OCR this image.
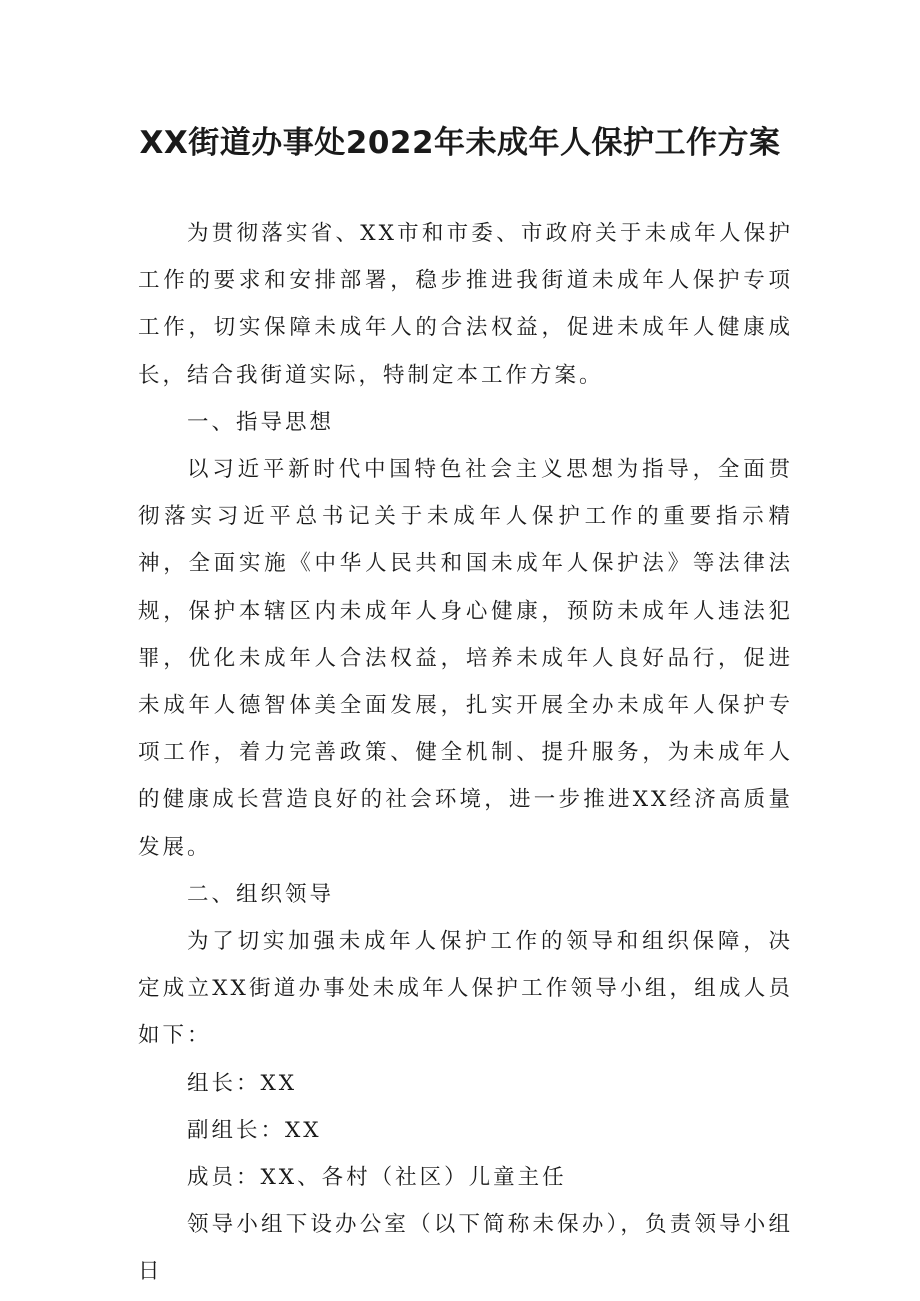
XX街道办事处2022年未成年人保护工作方案

为贯彻落实省、XX市和市委、市政府关于未成年人保护工作的要求和安排部署，稳步推进我街道未成年人保护专项工作，切实保障未成年人的合法权益，促进未成年人健康成长，结合我街道实际，特制定本工作方案。

一、指导思想

以习近平新时代中国特色社会主义思想为指导，全面贯彻落实习近平总书记关于未成年人保护工作的重要指示精神，全面实施《中华人民共和国未成年人保护法》等法律法规，保护本辖区内未成年人身心健康，预防未成年人违法犯罪，优化未成年人合法权益，培养未成年人良好品行，促进未成年人德智体美全面发展，扎实开展全办未成年人保护专项工作，着力完善政策、健全机制、提升服务，为未成年人的健康成长营造良好的社会环境，进一步推进XX经济高质量发展。

二、组织领导

为了切实加强未成年人保护工作的领导和组织保障，决定成立XX街道办事处未成年人保护工作领导小组，组成人员如下：

组长：XX

副组长：XX

成员：XX、各村（社区）儿童主任

领导小组下设办公室（以下简称未保办），负责领导小组日
